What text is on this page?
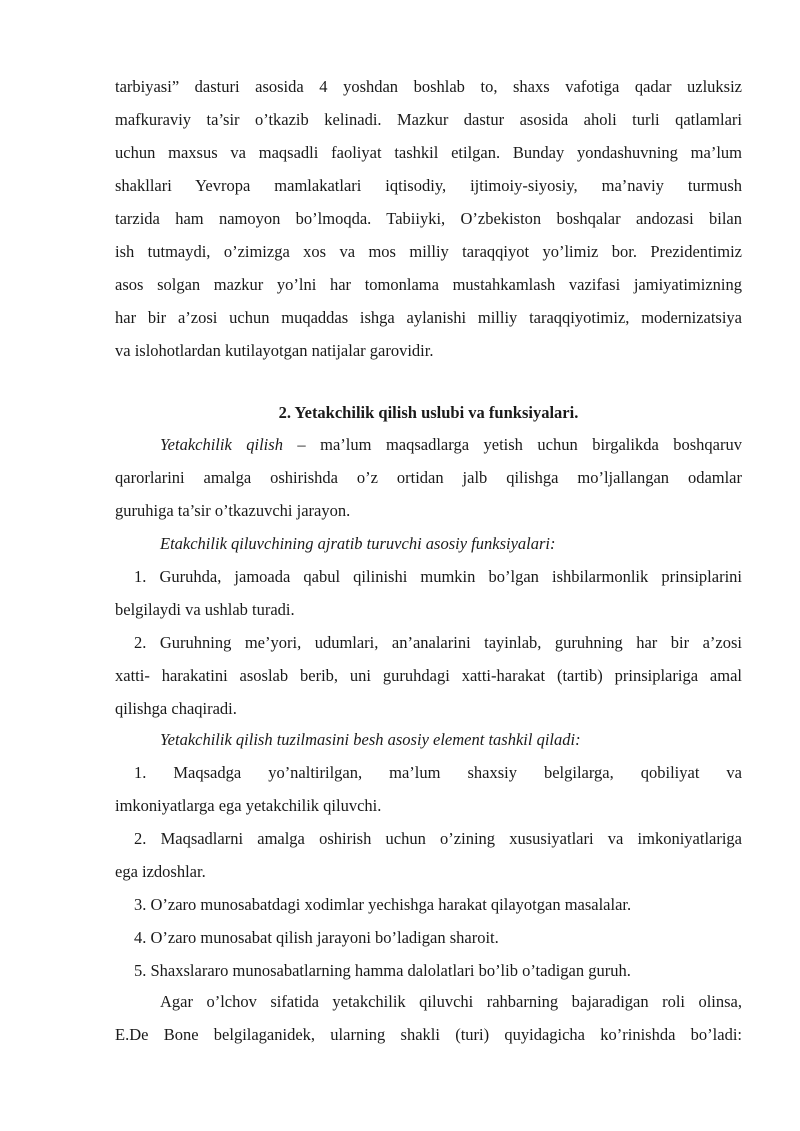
tarbiyasi” dasturi asosida 4 yoshdan boshlab to, shaxs vafotiga qadar uzluksiz
mafkuraviy ta’sir o’tkazib kelinadi. Mazkur dastur asosida aholi turli qatlamlari
uchun maxsus va maqsadli faoliyat tashkil etilgan. Bunday yondashuvning ma’lum
shakllari Yevropa mamlakatlari iqtisodiy, ijtimoiy-siyosiy, ma’naviy turmush
tarzida ham namoyon bo’lmoqda. Tabiiyki, O’zbekiston boshqalar andozasi bilan
ish tutmaydi, o’zimizga xos va mos milliy taraqqiyot yo’limiz bor. Prezidentimiz
asos solgan mazkur yo’lni har tomonlama mustahkamlash vazifasi jamiyatimizning
har bir a’zosi uchun muqaddas ishga aylanishi milliy taraqqiyotimiz, modernizatsiya
va islohotlardan kutilayotgan natijalar garovidir.
2. Yetakchilik qilish uslubi va funksiyalari.
Yetakchilik qilish – ma’lum maqsadlarga yetish uchun birgalikda boshqaruv
qarorlarini amalga oshirishda o’z ortidan jalb qilishga mo’ljallangan odamlar
guruhiga ta’sir o’tkazuvchi jarayon.
Etakchilik qiluvchining ajratib turuvchi asosiy funksiyalari:
1. Guruhda, jamoada qabul qilinishi mumkin bo’lgan ishbilarmonlik prinsiplarini
belgilaydi va ushlab turadi.
2. Guruhning me’yori, udumlari, an’analarini tayinlab, guruhning har bir a’zosi
xatti- harakatini asoslab berib, uni guruhdagi xatti-harakat (tartib) prinsiplariga amal
qilishga chaqiradi.
Yetakchilik qilish tuzilmasini besh asosiy element tashkil qiladi:
1. Maqsadga yo’naltirilgan, ma’lum shaxsiy belgilarga, qobiliyat va
imkoniyatlarga ega yetakchilik qiluvchi.
2. Maqsadlarni amalga oshirish uchun o’zining xususiyatlari va imkoniyatlariga
ega izdoshlar.
3. O’zaro munosabatdagi xodimlar yechishga harakat qilayotgan masalalar.
4. O’zaro munosabat qilish jarayoni bo’ladigan sharoit.
5. Shaxslararo munosabatlarning hamma dalolatlari bo’lib o’tadigan guruh.
Agar o’lchov sifatida yetakchilik qiluvchi rahbarning bajaradigan roli olinsa,
E.De Bone belgilaganidek, ularning shakli (turi) quyidagicha ko’rinishda bo’ladi:
